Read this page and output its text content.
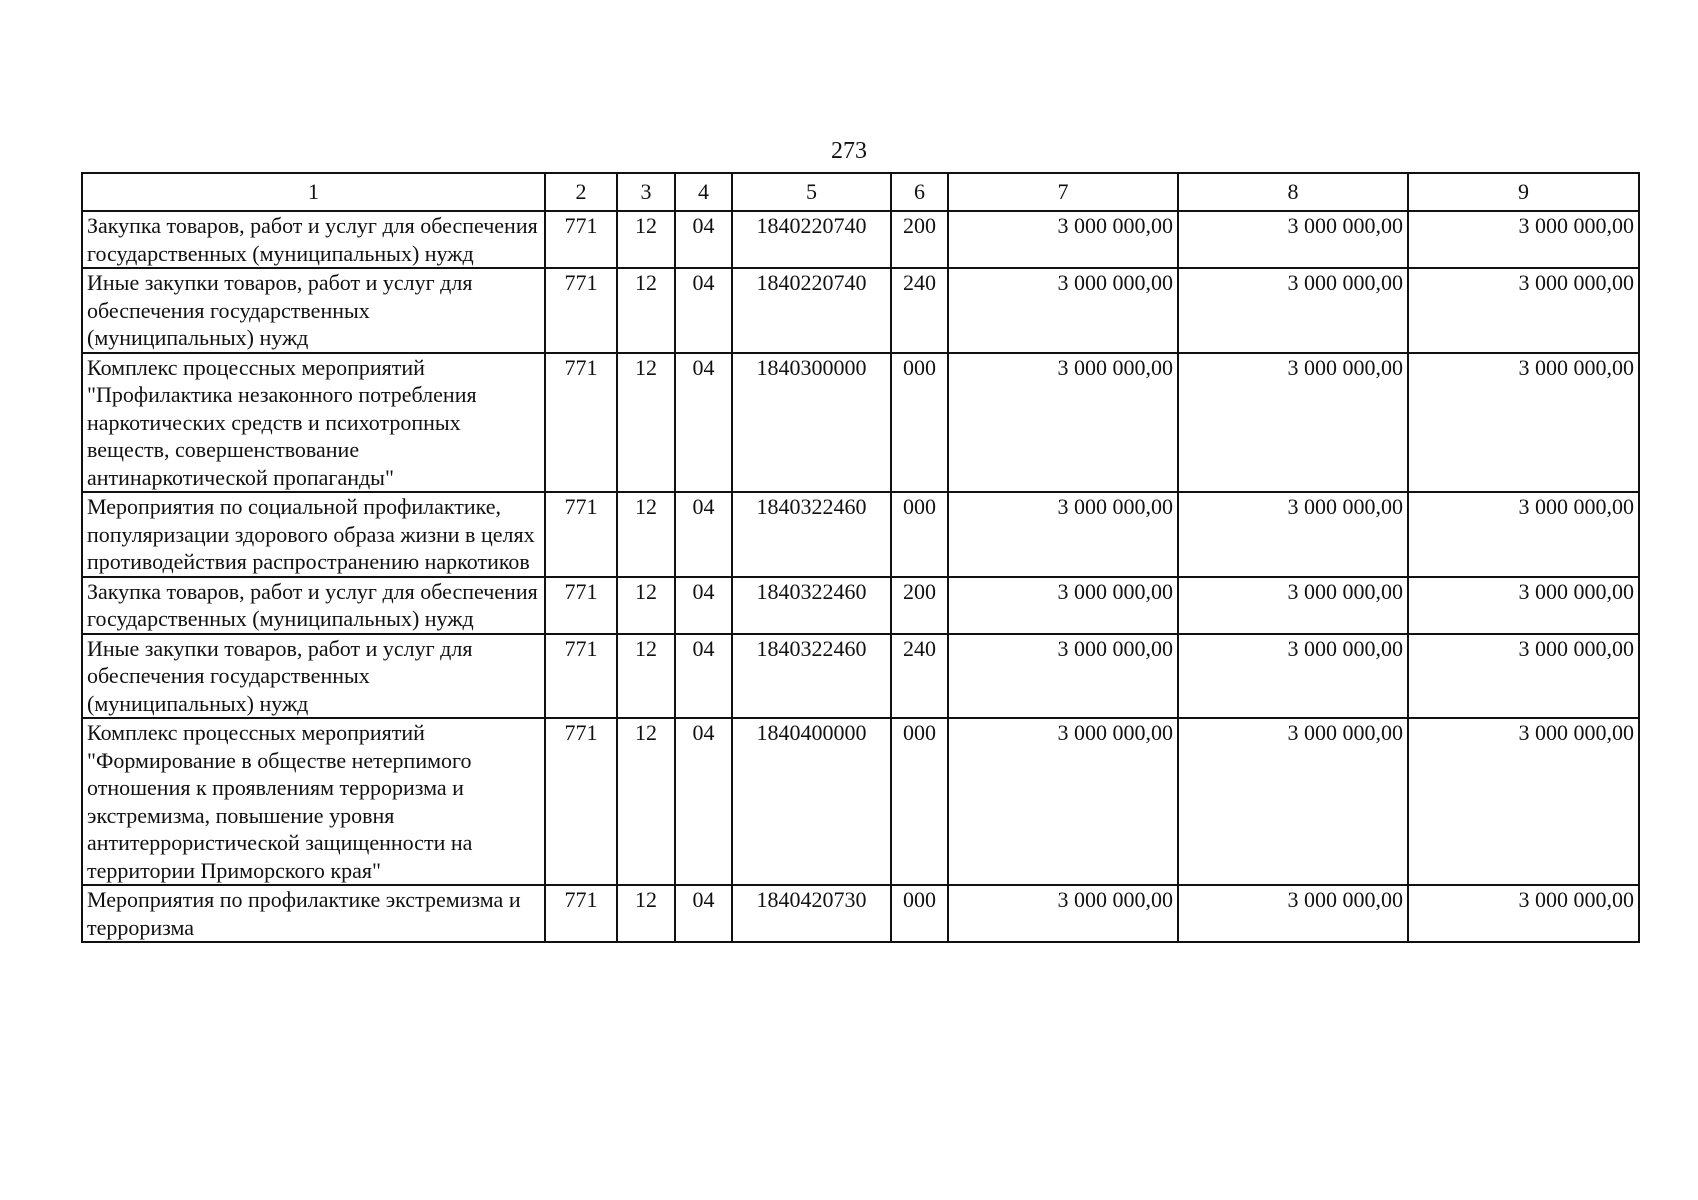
273
1	2	3	4	5	6	7	8	9
Закупка товаров, работ и услуг для обеспечения государственных (муниципальных) нужд	771	12	04	1840220740	200	3 000 000,00	3 000 000,00	3 000 000,00
Иные закупки товаров, работ и услуг для обеспечения государственных (муниципальных) нужд	771	12	04	1840220740	240	3 000 000,00	3 000 000,00	3 000 000,00
Комплекс процессных мероприятий "Профилактика незаконного потребления наркотических средств и психотропных веществ, совершенствование антинаркотической пропаганды"	771	12	04	1840300000	000	3 000 000,00	3 000 000,00	3 000 000,00
Мероприятия по социальной профилактике, популяризации здорового образа жизни в целях противодействия распространению наркотиков	771	12	04	1840322460	000	3 000 000,00	3 000 000,00	3 000 000,00
Закупка товаров, работ и услуг для обеспечения государственных (муниципальных) нужд	771	12	04	1840322460	200	3 000 000,00	3 000 000,00	3 000 000,00
Иные закупки товаров, работ и услуг для обеспечения государственных (муниципальных) нужд	771	12	04	1840322460	240	3 000 000,00	3 000 000,00	3 000 000,00
Комплекс процессных мероприятий "Формирование в обществе нетерпимого отношения к проявлениям терроризма и экстремизма, повышение уровня антитеррористической защищенности на территории Приморского края"	771	12	04	1840400000	000	3 000 000,00	3 000 000,00	3 000 000,00
Мероприятия по профилактике экстремизма и терроризма	771	12	04	1840420730	000	3 000 000,00	3 000 000,00	3 000 000,00
